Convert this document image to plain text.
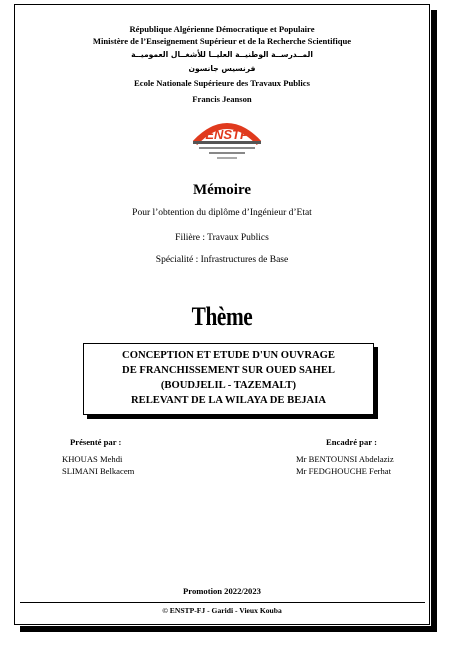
République Algérienne Démocratique et Populaire
Ministère de l’Enseignement Supérieur et de la Recherche Scientifique
المــدرســة الوطنيــة العليــا للأشغــال العموميــة
فرنسيس جانسون
Ecole Nationale Supérieure des Travaux Publics
Francis Jeanson
ENSTP
Mémoire
Pour l’obtention du diplôme d’Ingénieur d’Etat
Filière : Travaux Publics
Spécialité : Infrastructures de Base
Thème
CONCEPTION ET ETUDE D'UN OUVRAGE
DE FRANCHISSEMENT SUR OUED SAHEL
(BOUDJELIL - TAZEMALT)
RELEVANT DE LA WILAYA DE BEJAIA
Présenté par :
KHOUAS Mehdi
SLIMANI Belkacem
Encadré par :
Mr BENTOUNSI Abdelaziz
Mr FEDGHOUCHE Ferhat
Promotion 2022/2023
© ENSTP-FJ - Garidi - Vieux Kouba
